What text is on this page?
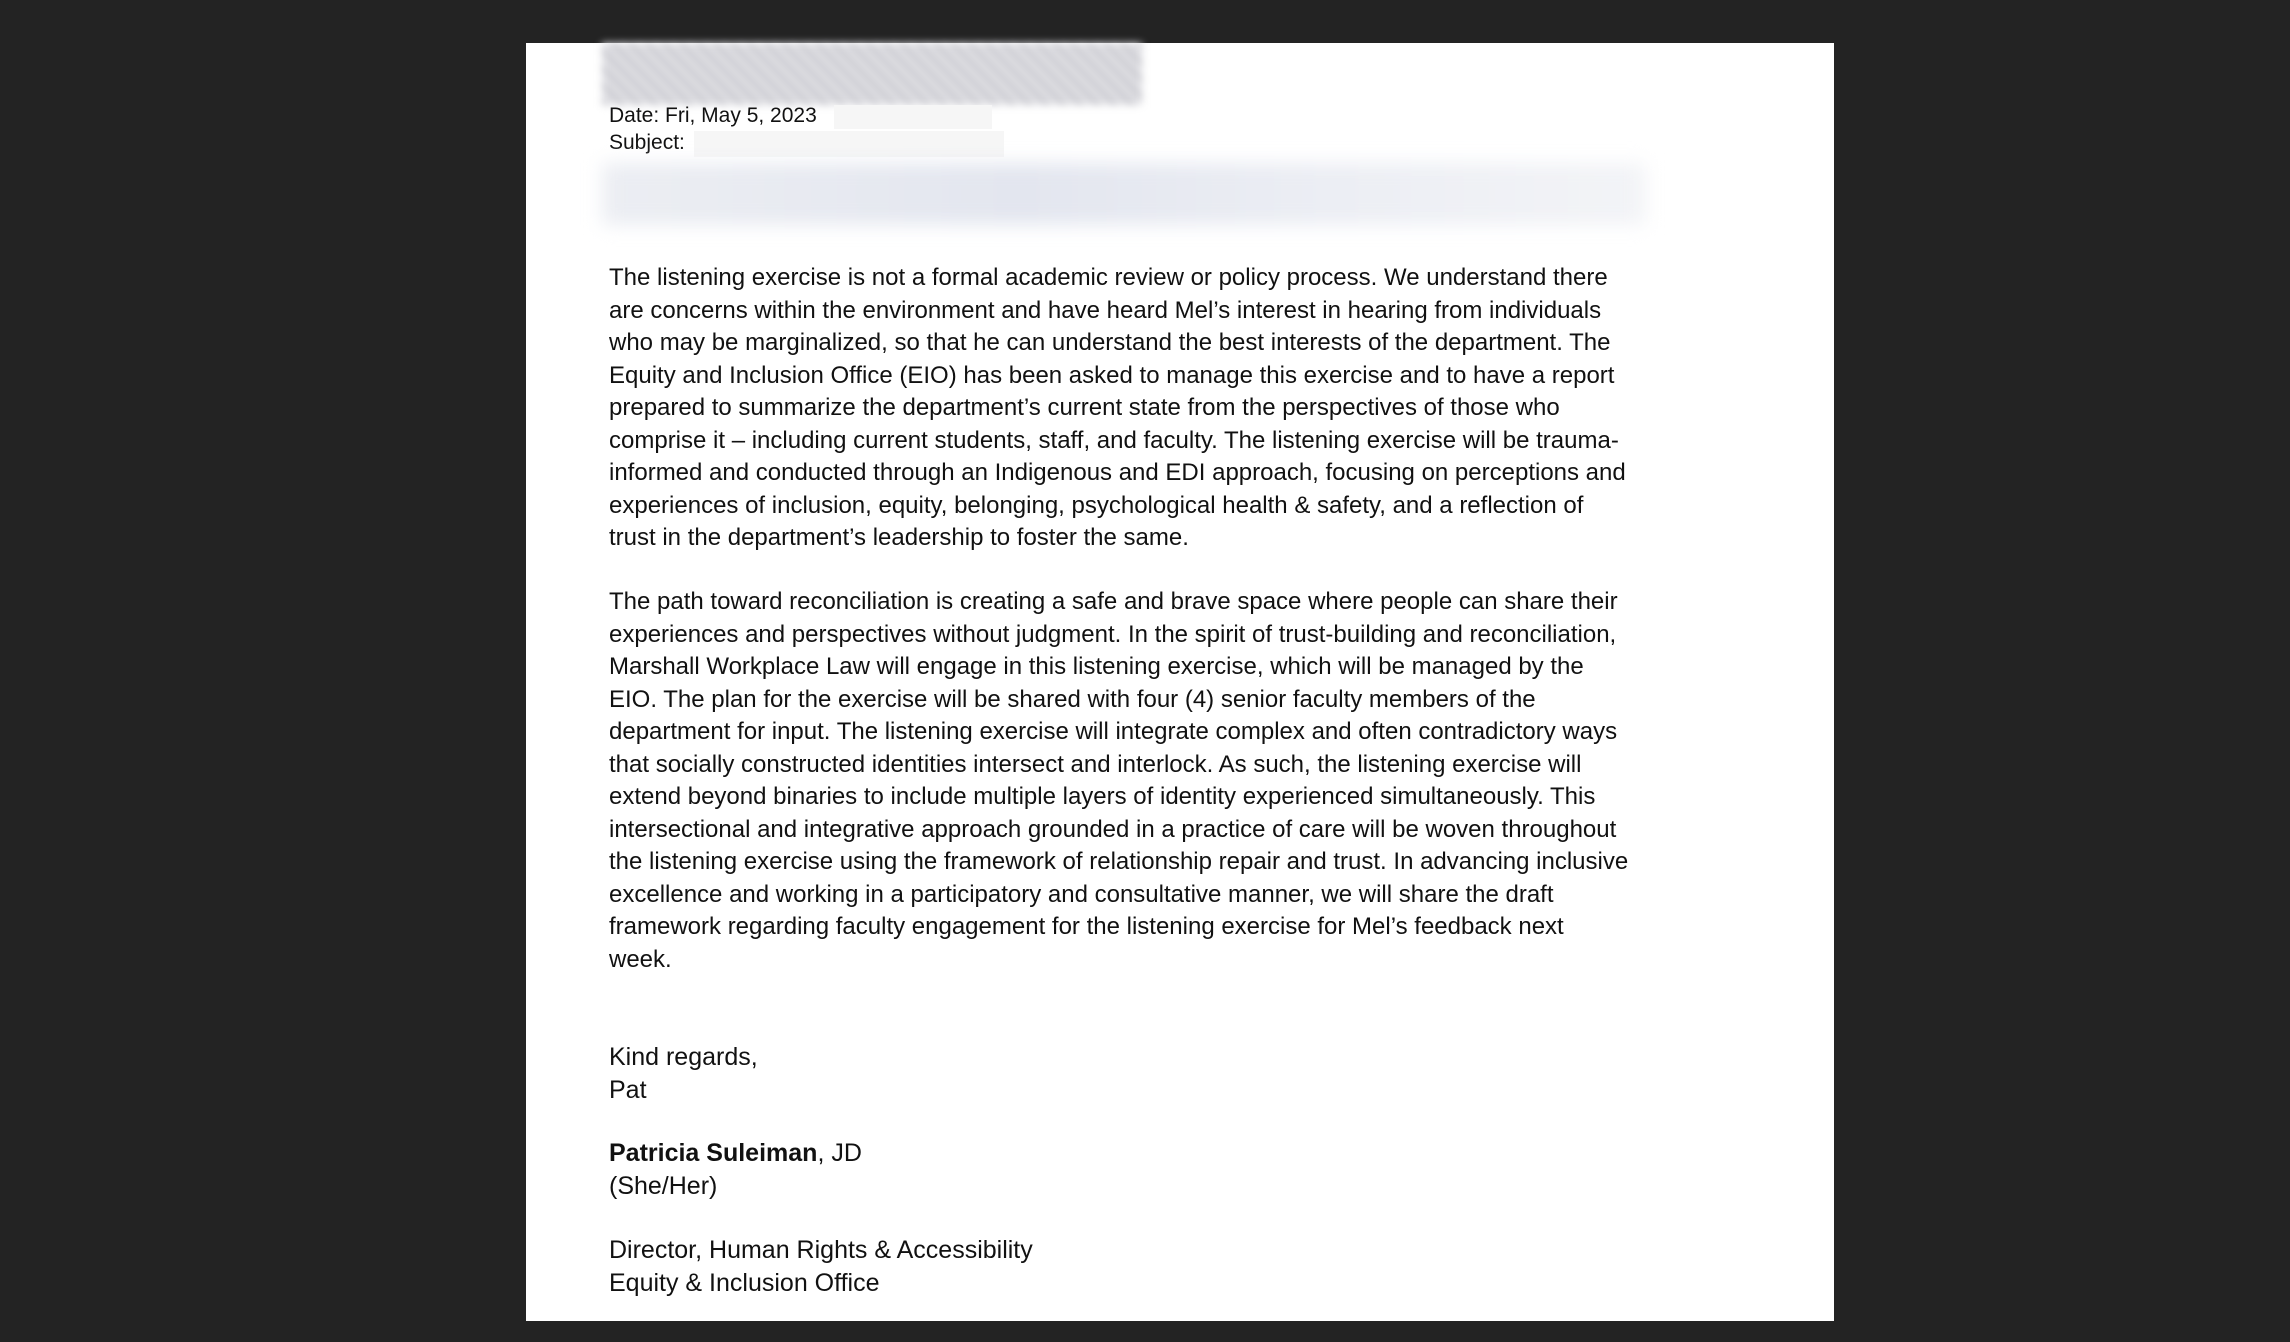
Date: Fri, May 5, 2023
Subject:

The listening exercise is not a formal academic review or policy process. We understand there

are concerns within the environment and have heard Mel’s interest in hearing from individuals

who may be marginalized, so that he can understand the best interests of the department. The

Equity and Inclusion Office (EIO) has been asked to manage this exercise and to have a report

prepared to summarize the department’s current state from the perspectives of those who

comprise it – including current students, staff, and faculty. The listening exercise will be trauma-

informed and conducted through an Indigenous and EDI approach, focusing on perceptions and

experiences of inclusion, equity, belonging, psychological health & safety, and a reflection of

trust in the department’s leadership to foster the same.

The path toward reconciliation is creating a safe and brave space where people can share their

experiences and perspectives without judgment. In the spirit of trust-building and reconciliation,

Marshall Workplace Law will engage in this listening exercise, which will be managed by the

EIO. The plan for the exercise will be shared with four (4) senior faculty members of the

department for input. The listening exercise will integrate complex and often contradictory ways

that socially constructed identities intersect and interlock. As such, the listening exercise will

extend beyond binaries to include multiple layers of identity experienced simultaneously. This

intersectional and integrative approach grounded in a practice of care will be woven throughout

the listening exercise using the framework of relationship repair and trust. In advancing inclusive

excellence and working in a participatory and consultative manner, we will share the draft

framework regarding faculty engagement for the listening exercise for Mel’s feedback next

week.

Kind regards,
Pat
Patricia Suleiman, JD
(She/Her)
Director, Human Rights & Accessibility
Equity & Inclusion Office
